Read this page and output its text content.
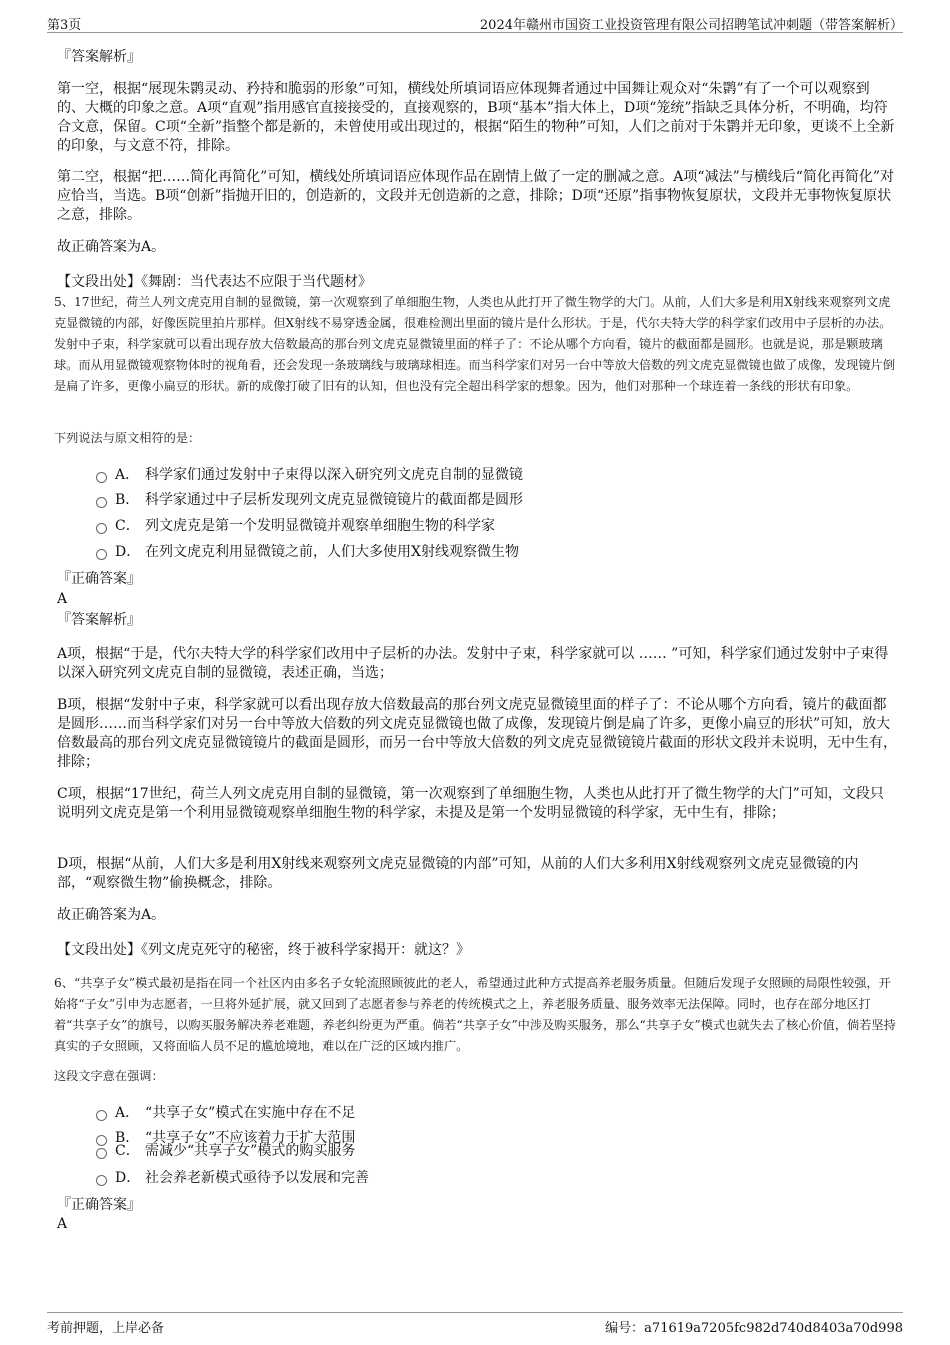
第3页	2024年赣州市国资工业投资管理有限公司招聘笔试冲刺题（带答案解析）

『答案解析』

第一空，根据“展现朱鹮灵动、矜持和脆弱的形象”可知，横线处所填词语应体现舞者通过中国舞让观众对“朱鹮”有了一个可以观察到的、大概的印象之意。A项“直观”指用感官直接接受的，直接观察的，B项“基本”指大体上，D项“笼统”指缺乏具体分析，不明确，均符合文意，保留。C项“全新”指整个都是新的，未曾使用或出现过的，根据“陌生的物种”可知，人们之前对于朱鹮并无印象，更谈不上全新的印象，与文意不符，排除。

第二空，根据“把……简化再简化”可知，横线处所填词语应体现作品在剧情上做了一定的删减之意。A项“减法”与横线后“简化再简化”对应恰当，当选。B项“创新”指抛开旧的，创造新的，文段并无创造新的之意，排除；D项“还原”指事物恢复原状，文段并无事物恢复原状之意，排除。

故正确答案为A。

【文段出处】《舞剧：当代表达不应限于当代题材》

5、17世纪，荷兰人列文虎克用自制的显微镜，第一次观察到了单细胞生物，人类也从此打开了微生物学的大门。从前，人们大多是利用X射线来观察列文虎克显微镜的内部，好像医院里拍片那样。但X射线不易穿透金属，很难检测出里面的镜片是什么形状。于是，代尔夫特大学的科学家们改用中子层析的办法。发射中子束，科学家就可以看出现存放大倍数最高的那台列文虎克显微镜里面的样子了：不论从哪个方向看，镜片的截面都是圆形。也就是说，那是颗玻璃球。而从用显微镜观察物体时的视角看，还会发现一条玻璃线与玻璃球相连。而当科学家们对另一台中等放大倍数的列文虎克显微镜也做了成像，发现镜片倒是扁了许多，更像小扁豆的形状。新的成像打破了旧有的认知，但也没有完全超出科学家的想象。因为，他们对那种一个球连着一条线的形状有印象。

下列说法与原文相符的是：

A． 科学家们通过发射中子束得以深入研究列文虎克自制的显微镜
B． 科学家通过中子层析发现列文虎克显微镜镜片的截面都是圆形
C． 列文虎克是第一个发明显微镜并观察单细胞生物的科学家
D． 在列文虎克利用显微镜之前，人们大多使用X射线观察微生物

『正确答案』

A

『答案解析』

A项，根据“于是，代尔夫特大学的科学家们改用中子层析的办法。发射中子束，科学家就可以 …… ”可知，科学家们通过发射中子束得以深入研究列文虎克自制的显微镜，表述正确，当选；

B项，根据“发射中子束，科学家就可以看出现存放大倍数最高的那台列文虎克显微镜里面的样子了：不论从哪个方向看，镜片的截面都是圆形……而当科学家们对另一台中等放大倍数的列文虎克显微镜也做了成像，发现镜片倒是扁了许多，更像小扁豆的形状”可知，放大倍数最高的那台列文虎克显微镜镜片的截面是圆形，而另一台中等放大倍数的列文虎克显微镜镜片截面的形状文段并未说明，无中生有，排除；

C项，根据“17世纪，荷兰人列文虎克用自制的显微镜，第一次观察到了单细胞生物，人类也从此打开了微生物学的大门”可知，文段只说明列文虎克是第一个利用显微镜观察单细胞生物的科学家，未提及是第一个发明显微镜的科学家，无中生有，排除；

D项，根据“从前，人们大多是利用X射线来观察列文虎克显微镜的内部”可知，从前的人们大多利用X射线观察列文虎克显微镜的内部，“观察微生物”偷换概念，排除。

故正确答案为A。

【文段出处】《列文虎克死守的秘密，终于被科学家揭开：就这？》

6、“共享子女”模式最初是指在同一个社区内由多名子女轮流照顾彼此的老人，希望通过此种方式提高养老服务质量。但随后发现子女照顾的局限性较强，开始将“子女”引申为志愿者，一旦将外延扩展，就又回到了志愿者参与养老的传统模式之上，养老服务质量、服务效率无法保障。同时，也存在部分地区打着“共享子女”的旗号，以购买服务解决养老难题，养老纠纷更为严重。倘若“共享子女”中涉及购买服务，那么“共享子女”模式也就失去了核心价值，倘若坚持真实的子女照顾，又将面临人员不足的尴尬境地，难以在广泛的区域内推广。

这段文字意在强调：

A． “共享子女”模式在实施中存在不足
B． “共享子女”不应该着力于扩大范围
C． 需减少“共享子女”模式的购买服务
D． 社会养老新模式亟待予以发展和完善

『正确答案』

A

考前押题，上岸必备	编号：a71619a7205fc982d740d8403a70d998
